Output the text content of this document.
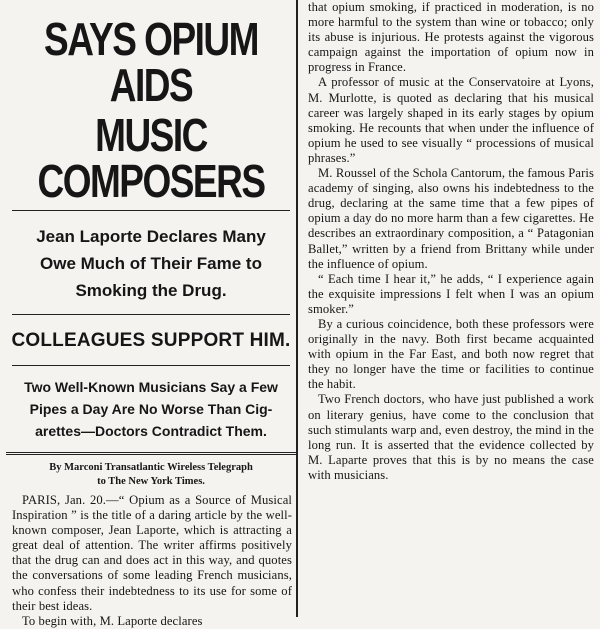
SAYS OPIUM AIDS
MUSIC COMPOSERS
Jean Laporte Declares Many
Owe Much of Their Fame to
Smoking the Drug.
COLLEAGUES SUPPORT HIM.
Two Well-Known Musicians Say a Few
Pipes a Day Are No Worse Than Cig-
arettes—Doctors Contradict Them.
By Marconi Transatlantic Wireless Telegraph
to The New York Times.

PARIS, Jan. 20.—“ Opium as a Source of Musical Inspiration ” is the title of a daring article by the well-known composer, Jean Laporte, which is attracting a great deal of attention. The writer affirms positively that the drug can and does act in this way, and quotes the conversations of some leading French musicians, who confess their indebtedness to its use for some of their best ideas.

To begin with, M. Laporte declares

that opium smoking, if practiced in moderation, is no more harmful to the system than wine or tobacco; only its abuse is injurious. He protests against the vigorous campaign against the importation of opium now in progress in France.

A professor of music at the Conservatoire at Lyons, M. Murlotte, is quoted as declaring that his musical career was largely shaped in its early stages by opium smoking. He recounts that when under the influence of opium he used to see visually “ processions of musical phrases.”

M. Roussel of the Schola Cantorum, the famous Paris academy of singing, also owns his indebtedness to the drug, declaring at the same time that a few pipes of opium a day do no more harm than a few cigarettes. He describes an extraordinary composition, a “ Patagonian Ballet,” written by a friend from Brittany while under the influence of opium.

“ Each time I hear it,” he adds, “ I experience again the exquisite impressions I felt when I was an opium smoker.”

By a curious coincidence, both these professors were originally in the navy. Both first became acquainted with opium in the Far East, and both now regret that they no longer have the time or facilities to continue the habit.

Two French doctors, who have just published a work on literary genius, have come to the conclusion that such stimulants warp and, even destroy, the mind in the long run. It is asserted that the evidence collected by M. Laparte proves that this is by no means the case with musicians.
